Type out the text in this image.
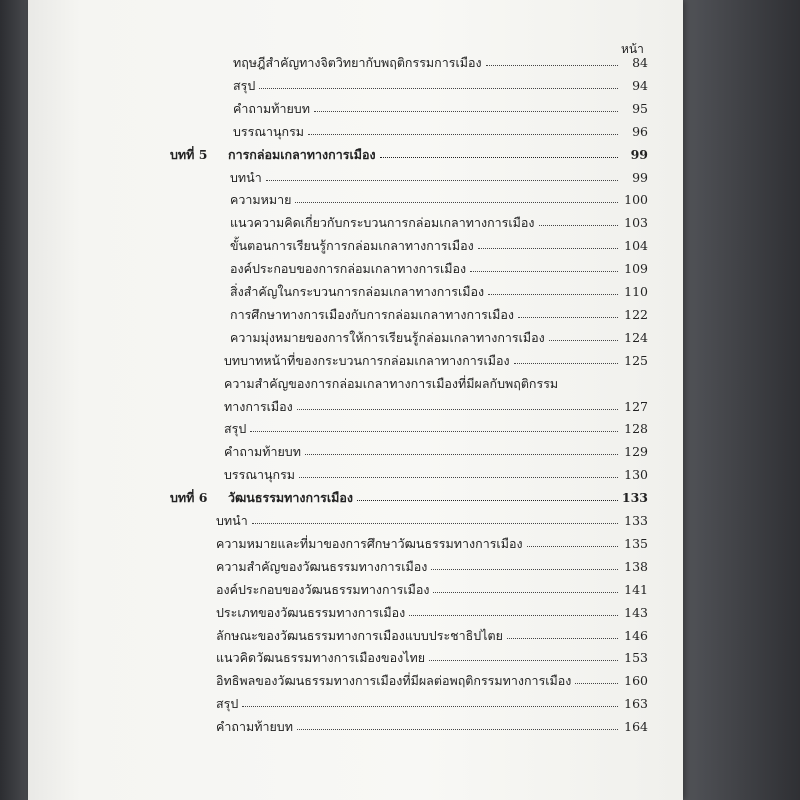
หน้า
ทฤษฎีสำคัญทางจิตวิทยากับพฤติกรรมการเมือง	84
สรุป	94
คำถามท้ายบท	95
บรรณานุกรม	96
บทที่ 5 การกล่อมเกลาทางการเมือง	99
บทนำ	99
ความหมาย	100
แนวความคิดเกี่ยวกับกระบวนการกล่อมเกลาทางการเมือง	103
ขั้นตอนการเรียนรู้การกล่อมเกลาทางการเมือง	104
องค์ประกอบของการกล่อมเกลาทางการเมือง	109
สิ่งสำคัญในกระบวนการกล่อมเกลาทางการเมือง	110
การศึกษาทางการเมืองกับการกล่อมเกลาทางการเมือง	122
ความมุ่งหมายของการให้การเรียนรู้กล่อมเกลาทางการเมือง	124
บทบาทหน้าที่ของกระบวนการกล่อมเกลาทางการเมือง	125
ความสำคัญของการกล่อมเกลาทางการเมืองที่มีผลกับพฤติกรรม
ทางการเมือง	127
สรุป	128
คำถามท้ายบท	129
บรรณานุกรม	130
บทที่ 6 วัฒนธรรมทางการเมือง	133
บทนำ	133
ความหมายและที่มาของการศึกษาวัฒนธรรมทางการเมือง	135
ความสำคัญของวัฒนธรรมทางการเมือง	138
องค์ประกอบของวัฒนธรรมทางการเมือง	141
ประเภทของวัฒนธรรมทางการเมือง	143
ลักษณะของวัฒนธรรมทางการเมืองแบบประชาธิปไตย	146
แนวคิดวัฒนธรรมทางการเมืองของไทย	153
อิทธิพลของวัฒนธรรมทางการเมืองที่มีผลต่อพฤติกรรมทางการเมือง	160
สรุป	163
คำถามท้ายบท	164
